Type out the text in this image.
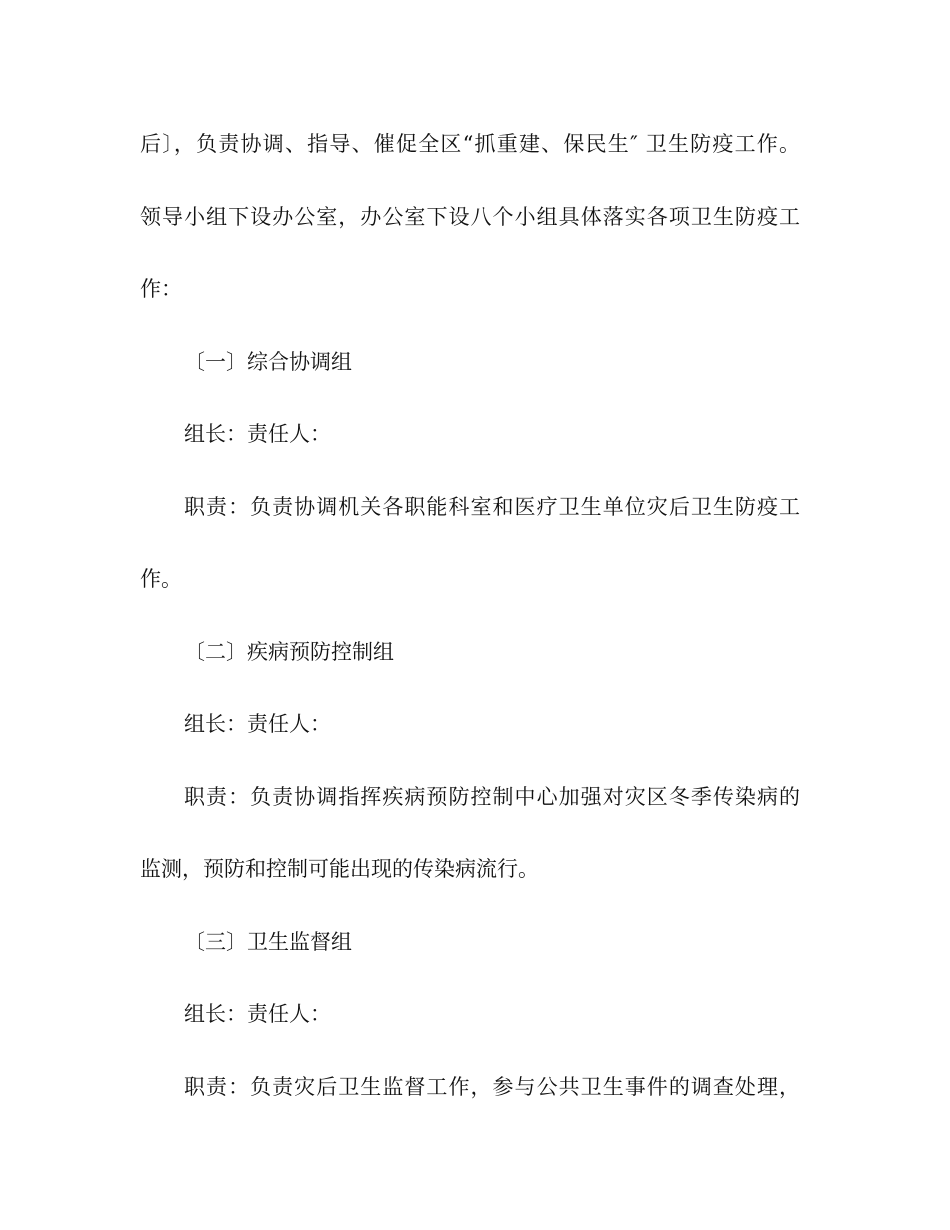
后〕，负责协调、指导、催促全区“抓重建、保民生″ 卫生防疫工作。
领导小组下设办公室，办公室下设八个小组具体落实各项卫生防疫工
作：
〔一〕综合协调组
组长：责任人：
职责：负责协调机关各职能科室和医疗卫生单位灾后卫生防疫工
作。
〔二〕疾病预防控制组
组长：责任人：
职责：负责协调指挥疾病预防控制中心加强对灾区冬季传染病的
监测，预防和控制可能出现的传染病流行。
〔三〕卫生监督组
组长：责任人：
职责：负责灾后卫生监督工作，参与公共卫生事件的调查处理，
